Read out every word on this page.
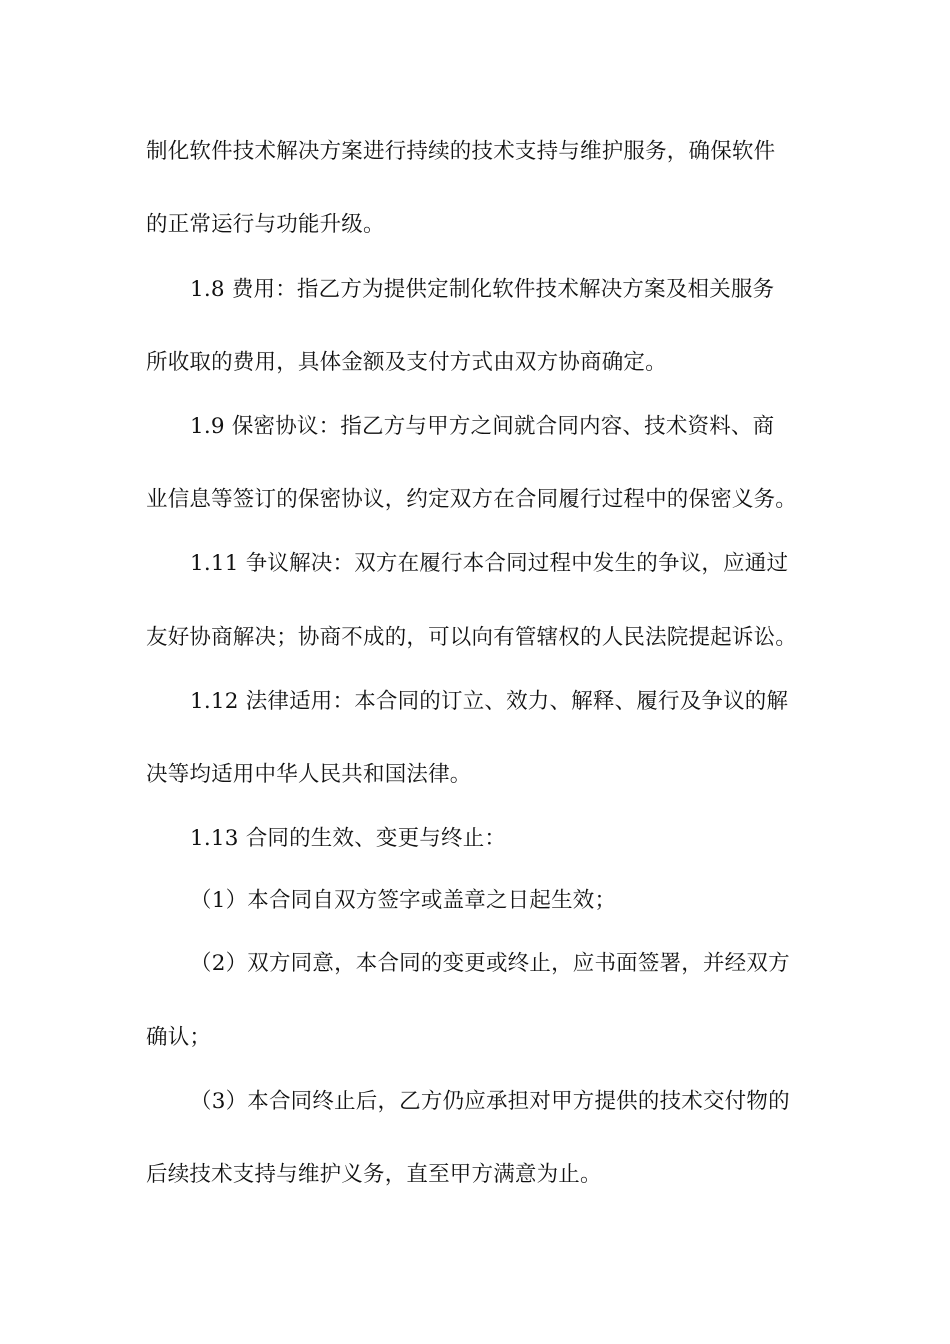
制化软件技术解决方案进行持续的技术支持与维护服务，确保软件
的正常运行与功能升级。
1.8 费用：指乙方为提供定制化软件技术解决方案及相关服务
所收取的费用，具体金额及支付方式由双方协商确定。
1.9 保密协议：指乙方与甲方之间就合同内容、技术资料、商
业信息等签订的保密协议，约定双方在合同履行过程中的保密义务。
1.11 争议解决：双方在履行本合同过程中发生的争议，应通过
友好协商解决；协商不成的，可以向有管辖权的人民法院提起诉讼。
1.12 法律适用：本合同的订立、效力、解释、履行及争议的解
决等均适用中华人民共和国法律。
1.13 合同的生效、变更与终止：
（1）本合同自双方签字或盖章之日起生效；
（2）双方同意，本合同的变更或终止，应书面签署，并经双方
确认；
（3）本合同终止后，乙方仍应承担对甲方提供的技术交付物的
后续技术支持与维护义务，直至甲方满意为止。
